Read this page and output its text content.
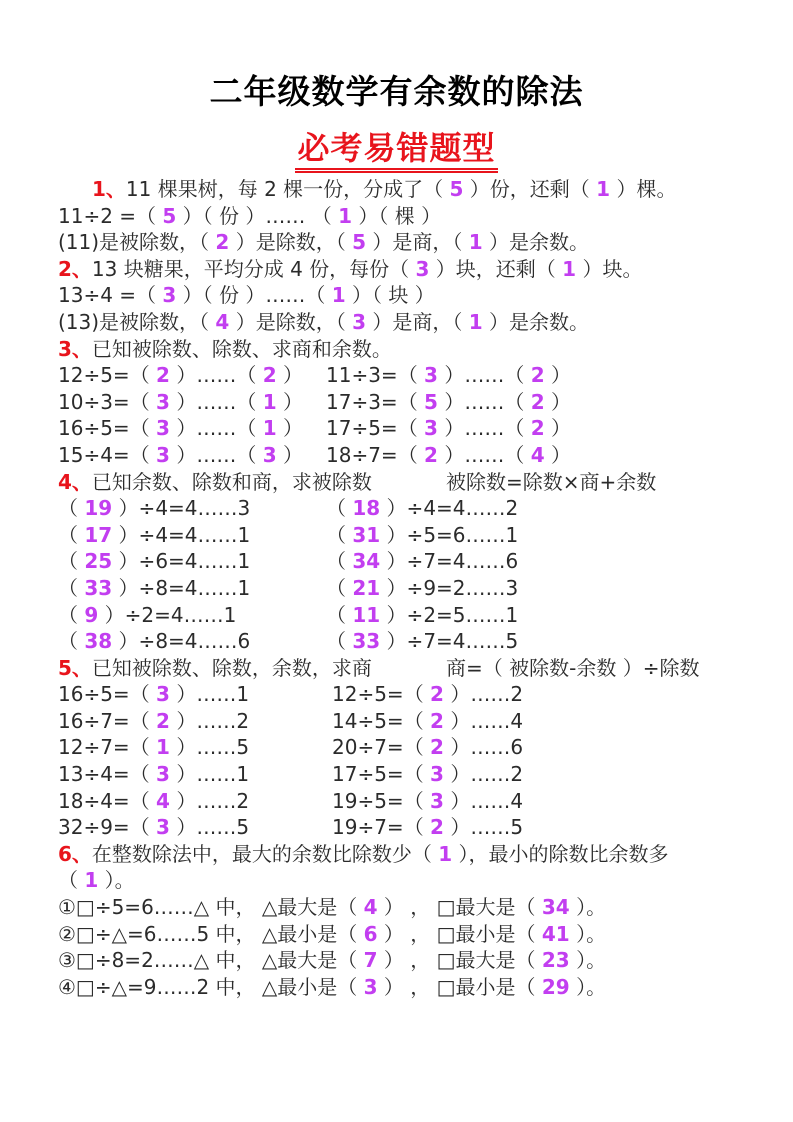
二年级数学有余数的除法
必考易错题型
1、11 棵果树，每 2 棵一份，分成了（ 5 ）份，还剩（ 1 ）棵。
11÷2 =（ 5 ）（ 份 ）…… （ 1 ）（ 棵 ）
(11)是被除数，（ 2 ）是除数，（ 5 ）是商，（ 1 ）是余数。
2、13 块糖果，平均分成 4 份，每份（ 3 ）块，还剩（ 1 ）块。
13÷4 =（ 3 ）（ 份 ）……（ 1 ）（ 块 ）
(13)是被除数，（ 4 ）是除数，（ 3 ）是商，（ 1 ）是余数。
3、已知被除数、除数、求商和余数。
12÷5=（ 2 ）……（ 2 ） 11÷3=（ 3 ）……（ 2 ）
10÷3=（ 3 ）……（ 1 ） 17÷3=（ 5 ）……（ 2 ）
16÷5=（ 3 ）……（ 1 ） 17÷5=（ 3 ）……（ 2 ）
15÷4=（ 3 ）……（ 3 ） 18÷7=（ 2 ）……（ 4 ）
4、已知余数、除数和商，求被除数	被除数=除数×商+余数
（ 19 ）÷4=4……3	（ 18 ）÷4=4……2
（ 17 ）÷4=4……1	（ 31 ）÷5=6……1
（ 25 ）÷6=4……1	（ 34 ）÷7=4……6
（ 33 ）÷8=4……1	（ 21 ）÷9=2……3
（ 9 ）÷2=4……1	（ 11 ）÷2=5……1
（ 38 ）÷8=4……6	（ 33 ）÷7=4……5
5、已知被除数、除数，余数，求商	商=（ 被除数-余数 ）÷除数
16÷5=（ 3 ）……1	12÷5=（ 2 ）……2
16÷7=（ 2 ）……2	14÷5=（ 2 ）……4
12÷7=（ 1 ）……5	20÷7=（ 2 ）……6
13÷4=（ 3 ）……1	17÷5=（ 3 ）……2
18÷4=（ 4 ）……2	19÷5=（ 3 ）……4
32÷9=（ 3 ）……5	19÷7=（ 2 ）……5
6、在整数除法中，最大的余数比除数少（ 1 ），最小的除数比余数多
（ 1 ）。
①□÷5=6……△ 中， △最大是（ 4 ） ， □最大是（ 34 ）。
②□÷△=6……5 中， △最小是（ 6 ） ， □最小是（ 41 ）。
③□÷8=2……△ 中， △最大是（ 7 ） ， □最大是（ 23 ）。
④□÷△=9……2 中， △最小是（ 3 ） ， □最小是（ 29 ）。
